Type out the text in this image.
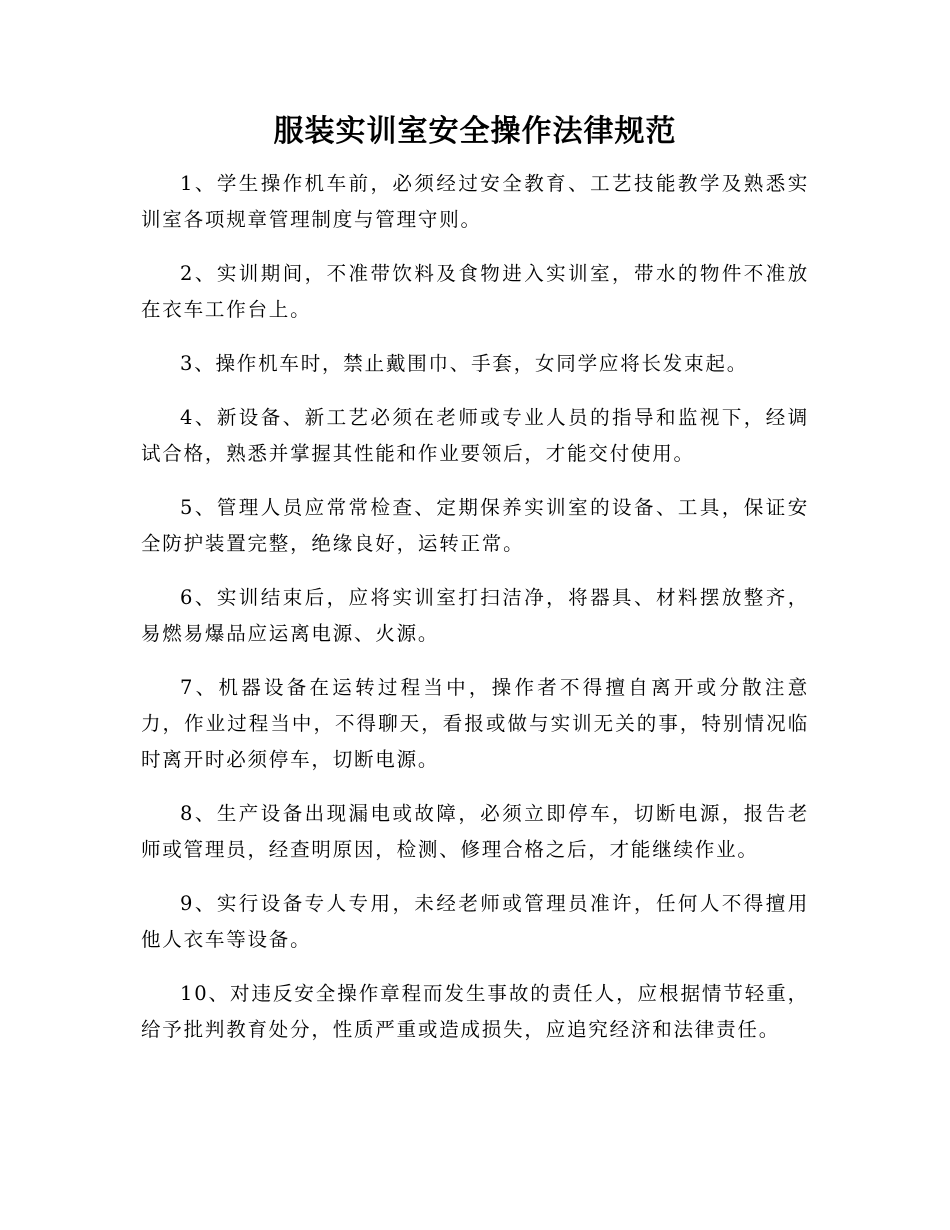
服装实训室安全操作法律规范

1、学生操作机车前，必须经过安全教育、工艺技能教学及熟悉实训室各项规章管理制度与管理守则。

2、实训期间，不准带饮料及食物进入实训室，带水的物件不准放在衣车工作台上。

3、操作机车时，禁止戴围巾、手套，女同学应将长发束起。

4、新设备、新工艺必须在老师或专业人员的指导和监视下，经调试合格，熟悉并掌握其性能和作业要领后，才能交付使用。

5、管理人员应常常检查、定期保养实训室的设备、工具，保证安全防护装置完整，绝缘良好，运转正常。

6、实训结束后，应将实训室打扫洁净，将器具、材料摆放整齐，易燃易爆品应运离电源、火源。

7、机器设备在运转过程当中，操作者不得擅自离开或分散注意力，作业过程当中，不得聊天，看报或做与实训无关的事，特别情况临时离开时必须停车，切断电源。

8、生产设备出现漏电或故障，必须立即停车，切断电源，报告老师或管理员，经查明原因，检测、修理合格之后，才能继续作业。

9、实行设备专人专用，未经老师或管理员准许，任何人不得擅用他人衣车等设备。

10、对违反安全操作章程而发生事故的责任人，应根据情节轻重，给予批判教育处分，性质严重或造成损失，应追究经济和法律责任。
